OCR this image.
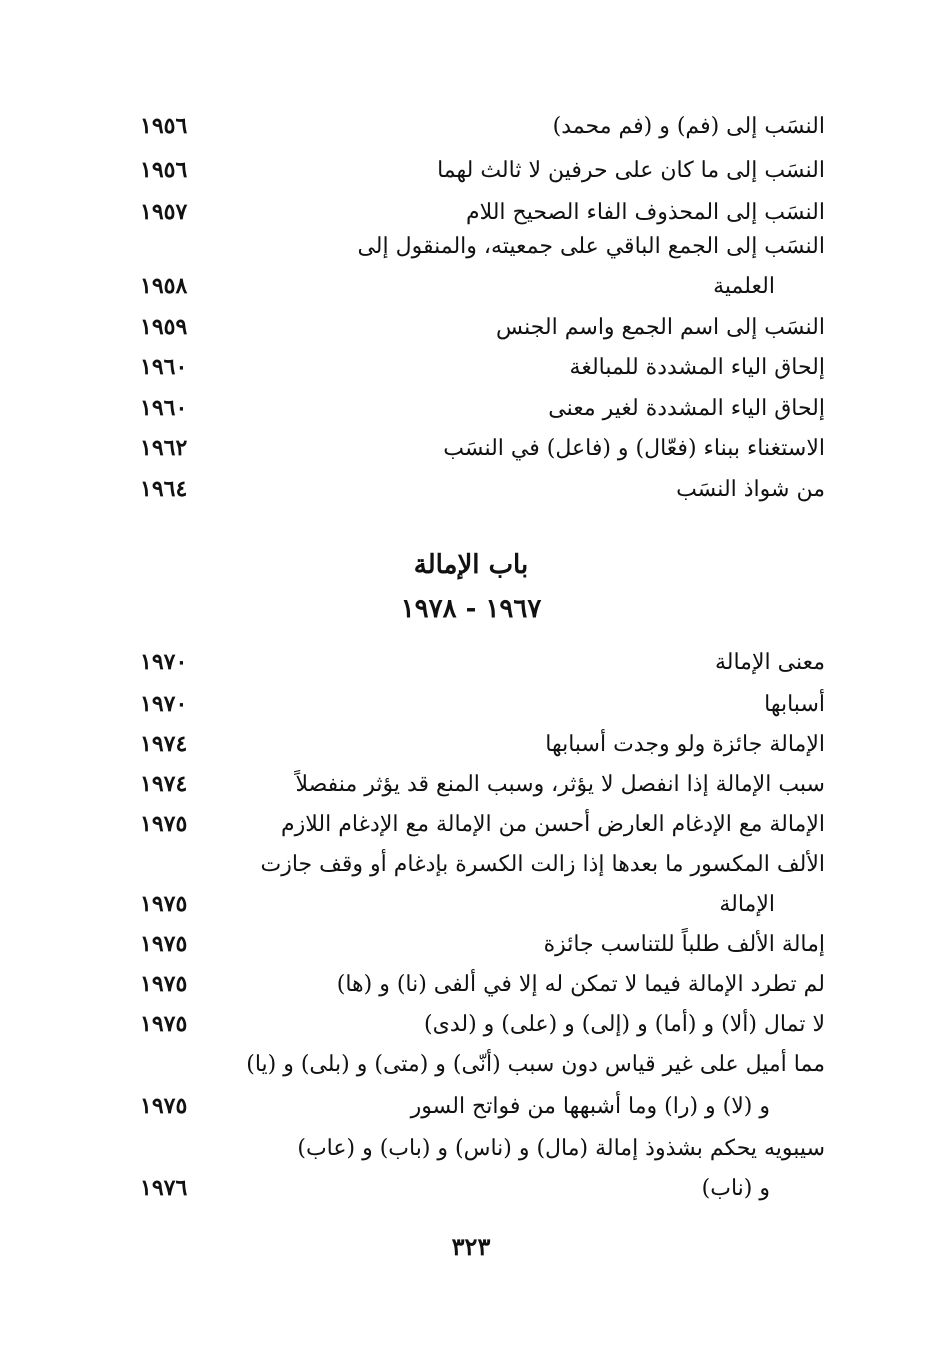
١٩٥٦	النسَب إلى (فم) و (فم محمد)
١٩٥٦	النسَب إلى ما كان على حرفين لا ثالث لهما
١٩٥٧	النسَب إلى المحذوف الفاء الصحيح اللام
النسَب إلى الجمع الباقي على جمعيته، والمنقول إلى
١٩٥٨	العلمية
١٩٥٩	النسَب إلى اسم الجمع واسم الجنس
١٩٦٠	إلحاق الياء المشددة للمبالغة
١٩٦٠	إلحاق الياء المشددة لغير معنى
١٩٦٢	الاستغناء ببناء (فعّال) و (فاعل) في النسَب
١٩٦٤	من شواذ النسَب
باب الإمالة
١٩٦٧ - ١٩٧٨
١٩٧٠	معنى الإمالة
١٩٧٠	أسبابها
١٩٧٤	الإمالة جائزة ولو وجدت أسبابها
١٩٧٤	سبب الإمالة إذا انفصل لا يؤثر، وسبب المنع قد يؤثر منفصلاً
١٩٧٥	الإمالة مع الإدغام العارض أحسن من الإمالة مع الإدغام اللازم
الألف المكسور ما بعدها إذا زالت الكسرة بإدغام أو وقف جازت
١٩٧٥	الإمالة
١٩٧٥	إمالة الألف طلباً للتناسب جائزة
١٩٧٥	لم تطرد الإمالة فيما لا تمكن له إلا في ألفى (نا) و (ها)
١٩٧٥	لا تمال (ألا) و (أما) و (إلى) و (على) و (لدى)
مما أميل على غير قياس دون سبب (أنّى) و (متى) و (بلى) و (يا)
١٩٧٥	و (لا) و (را) وما أشبهها من فواتح السور
سيبويه يحكم بشذوذ إمالة (مال) و (ناس) و (باب) و (عاب)
١٩٧٦	و (ناب)
٣٢٣
